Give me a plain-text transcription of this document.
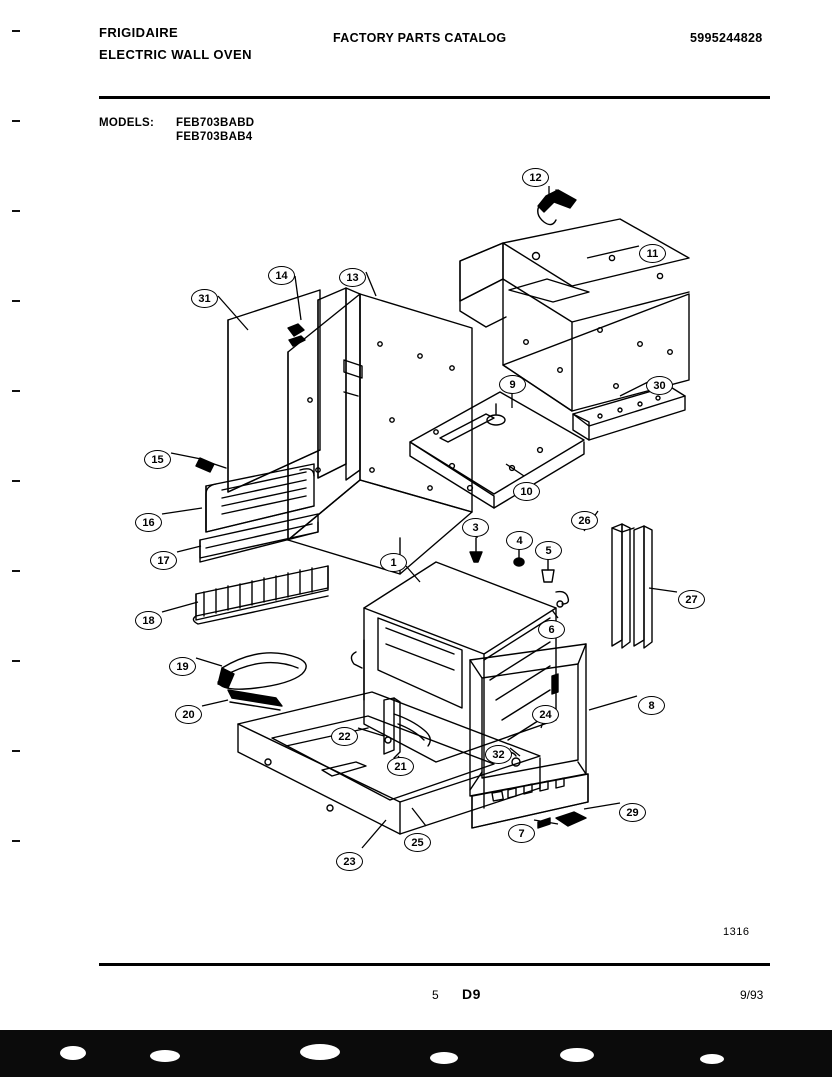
FRIGIDAIRE
ELECTRIC WALL OVEN
FACTORY PARTS CATALOG	5995244828
MODELS: FEB703BABD
FEB703BAB4
1
3
4
5
6
7
8
9
10
11
12
13
14
15
16
17
18
19
20
21
22
23
24
25
26
27
29
30
31
32
1316
5 D9	9/93
